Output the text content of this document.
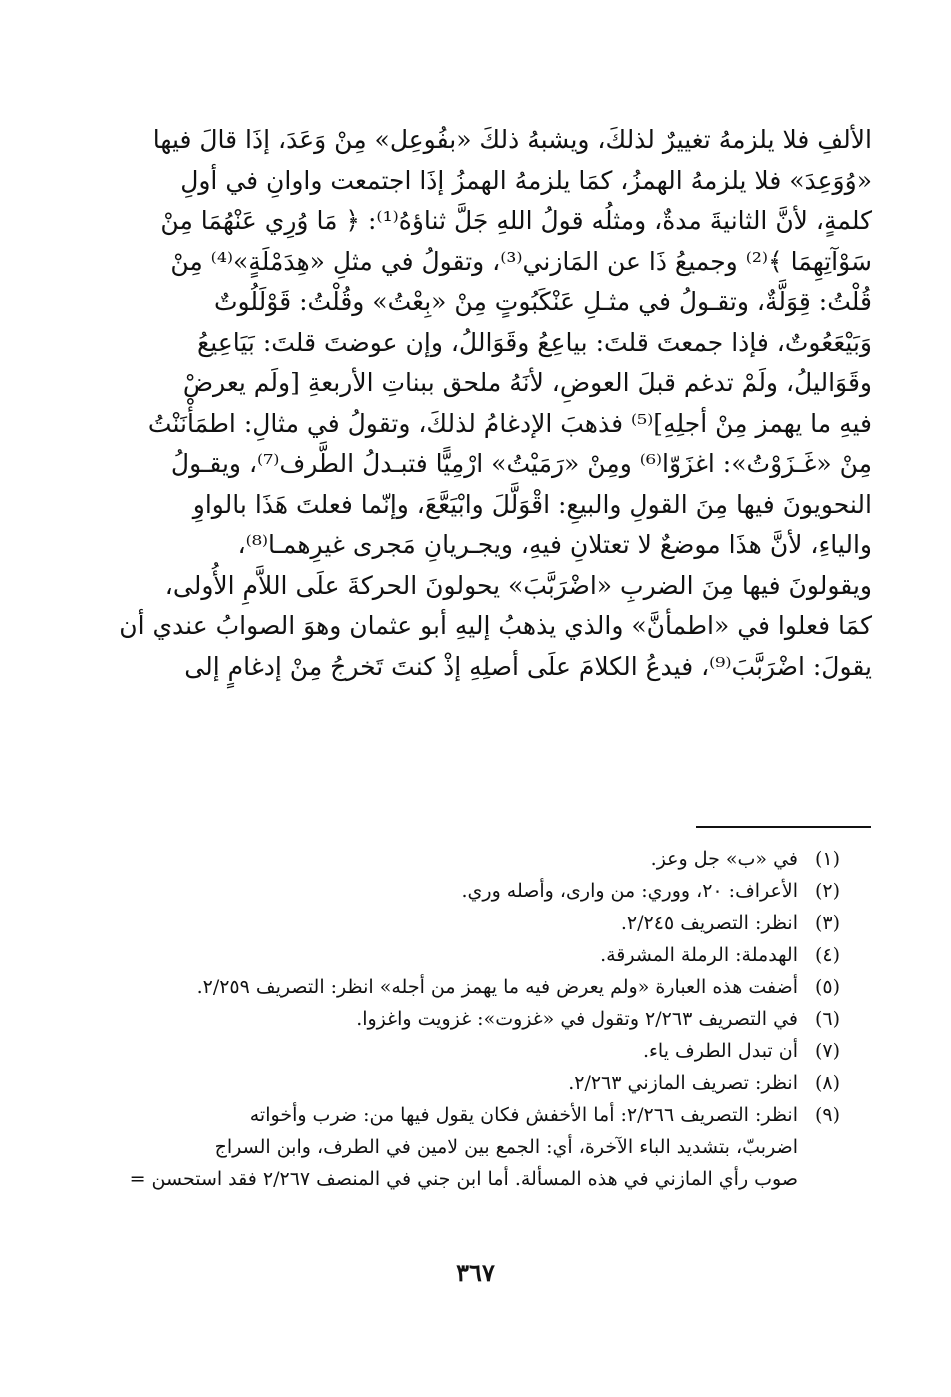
الألفِ فلا يلزمهُ تغييرٌ لذلكَ، ويشبهُ ذلكَ «بفُوعِل» مِنْ وَعَدَ، إذَا قالَ فيها
«وُوَعِدَ» فلا يلزمهُ الهمزُ، كمَا يلزمهُ الهمزُ إذَا اجتمعت واوانِ في أولِ
كلمةٍ، لأنَّ الثانيةَ مدةٌ، ومثلُه قولُ اللهِ جَلَّ ثناؤهُ⁽¹⁾: ﴿ مَا وُرِي عَنْهُمَا مِنْ
سَوْآتِهِمَا ﴾⁽²⁾ وجميعُ ذَا عن المَازني⁽³⁾، وتقولُ في مثلِ «هِدَمْلَةٍ»⁽⁴⁾ مِنْ
قُلْتُ: قِوَلَّةٌ، وتقـولُ في مثـلِ عَنْكَبُوتٍ مِنْ «بِعْتُ» وقُلْتُ: قَوْلَلُوتٌ
وَبَيْعَعُوتٌ، فإذا جمعتَ قلتَ: بياعِعُ وقَوَاللُ، وإن عوضتَ قلتَ: بَيَاعِيعُ
وقَوَاليلُ، ولَمْ تدغم قبلَ العوضِ، لأنَهُ ملحق ببناتِ الأربعةِ [ولَم يعرضْ
فيهِ ما يهمز مِنْ أجلِهِ]⁽⁵⁾ فذهبَ الإدغامُ لذلكَ، وتقولُ في مثالِ: اطمَأْنَنْتُ
مِنْ «غَـزَوْتُ»: اغزَوّا⁽⁶⁾ ومِنْ «رَمَيْتُ» ارْمِيًّا فتبـدلُ الطَّرف⁽⁷⁾، ويقـولُ
النحويونَ فيها مِنَ القولِ والبيعِ: اقْوَلَّلَ وابْيَعَّعَ، وإنّما فعلتَ هَذَا بالواوِ
والياءِ، لأنَّ هذَا موضعٌ لا تعتلانِ فيهِ، ويجـريانِ مَجرى غيرِهمـا⁽⁸⁾،
ويقولونَ فيها مِنَ الضربِ «اضْرَبَّبَ» يحولونَ الحركةَ علَى اللاَّمِ الأُولى،
كمَا فعلوا في «اطمأنَّ» والذي يذهبُ إليهِ أبو عثمان وهوَ الصوابُ عندي أن
يقولَ: اضْرَبَّبَ⁽⁹⁾، فيدعُ الكلامَ علَى أصلِهِ إذْ كنتَ تَخرجُ مِنْ إدغامٍ إلى
(١)
في «ب» جل وعز.
(٢)
الأعراف: ٢٠، ووري: من وارى، وأصله وري.
(٣)
انظر: التصريف ٢/٢٤٥.
(٤)
الهدملة: الرملة المشرقة.
(٥)
أضفت هذه العبارة «ولم يعرض فيه ما يهمز من أجله» انظر: التصريف ٢/٢٥٩.
(٦)
في التصريف ٢/٢٦٣ وتقول في «غزوت»: غزويت واغزوا.
(٧)
أن تبدل الطرف ياء.
(٨)
انظر: تصريف المازني ٢/٢٦٣.
(٩)
انظر: التصريف ٢/٢٦٦: أما الأخفش فكان يقول فيها من: ضرب وأخواته
اضرببّ، بتشديد الباء الآخرة، أي: الجمع بين لامين في الطرف، وابن السراج
صوب رأي المازني في هذه المسألة. أما ابن جني في المنصف ٢/٢٦٧ فقد استحسن =
٣٦٧
